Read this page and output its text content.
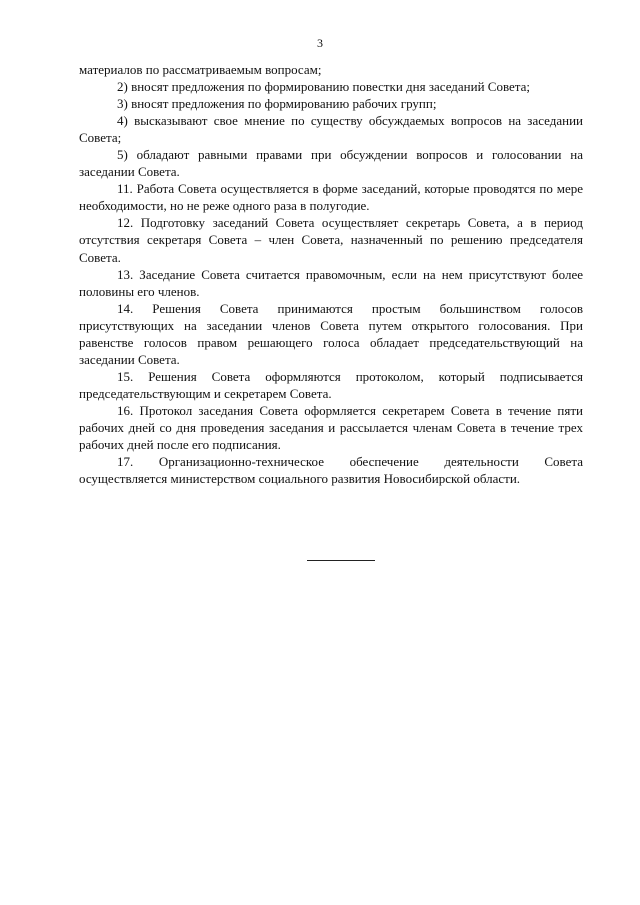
3

материалов по рассматриваемым вопросам;

2) вносят предложения по формированию повестки дня заседаний Совета;

3) вносят предложения по формированию рабочих групп;

4) высказывают свое мнение по существу обсуждаемых вопросов на заседании Совета;

5) обладают равными правами при обсуждении вопросов и голосовании на заседании Совета.

11. Работа Совета осуществляется в форме заседаний, которые проводятся по мере необходимости, но не реже одного раза в полугодие.

12. Подготовку заседаний Совета осуществляет секретарь Совета, а в период отсутствия секретаря Совета – член Совета, назначенный по решению председателя Совета.

13. Заседание Совета считается правомочным, если на нем присутствуют более половины его членов.

14. Решения Совета принимаются простым большинством голосов присутствующих на заседании членов Совета путем открытого голосования. При равенстве голосов правом решающего голоса обладает председательствующий на заседании Совета.

15. Решения Совета оформляются протоколом, который подписывается председательствующим и секретарем Совета.

16. Протокол заседания Совета оформляется секретарем Совета в течение пяти рабочих дней со дня проведения заседания и рассылается членам Совета в течение трех рабочих дней после его подписания.

17. Организационно-техническое обеспечение деятельности Совета осуществляется министерством социального развития Новосибирской области.
